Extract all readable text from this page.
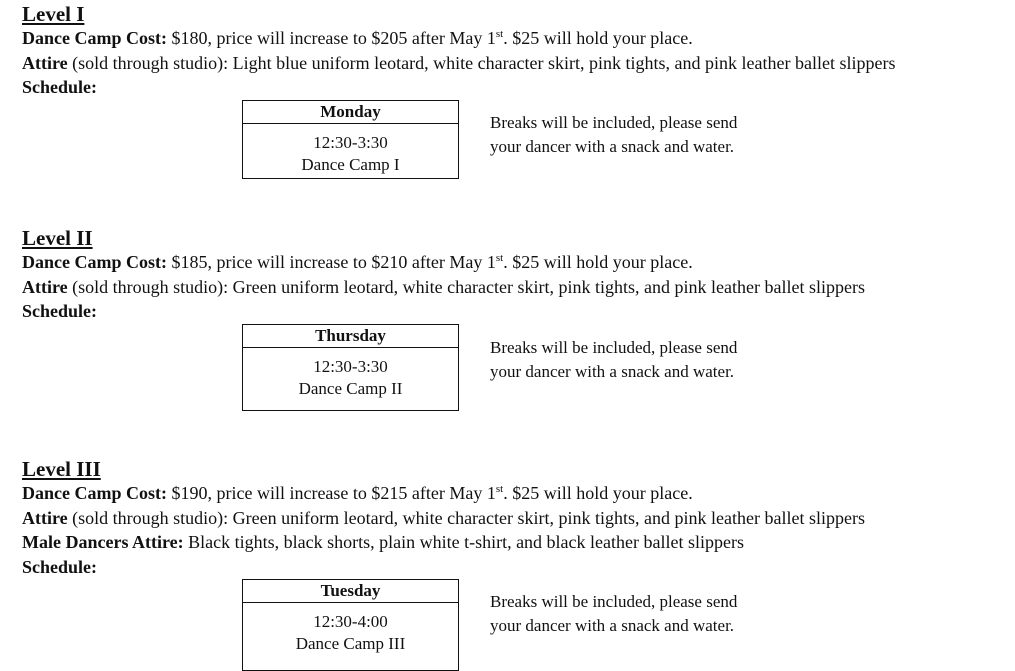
Level I
Dance Camp Cost: $180, price will increase to $205 after May 1st. $25 will hold your place.
Attire (sold through studio): Light blue uniform leotard, white character skirt, pink tights, and pink leather ballet slippers
Schedule:
Monday
12:30-3:30
Dance Camp I
Breaks will be included, please send
your dancer with a snack and water.
Level II
Dance Camp Cost: $185, price will increase to $210 after May 1st. $25 will hold your place.
Attire (sold through studio): Green uniform leotard, white character skirt, pink tights, and pink leather ballet slippers
Schedule:
Thursday
12:30-3:30
Dance Camp II
Breaks will be included, please send
your dancer with a snack and water.
Level III
Dance Camp Cost: $190, price will increase to $215 after May 1st. $25 will hold your place.
Attire (sold through studio): Green uniform leotard, white character skirt, pink tights, and pink leather ballet slippers
Male Dancers Attire: Black tights, black shorts, plain white t-shirt, and black leather ballet slippers
Schedule:
Tuesday
12:30-4:00
Dance Camp III
Breaks will be included, please send
your dancer with a snack and water.
